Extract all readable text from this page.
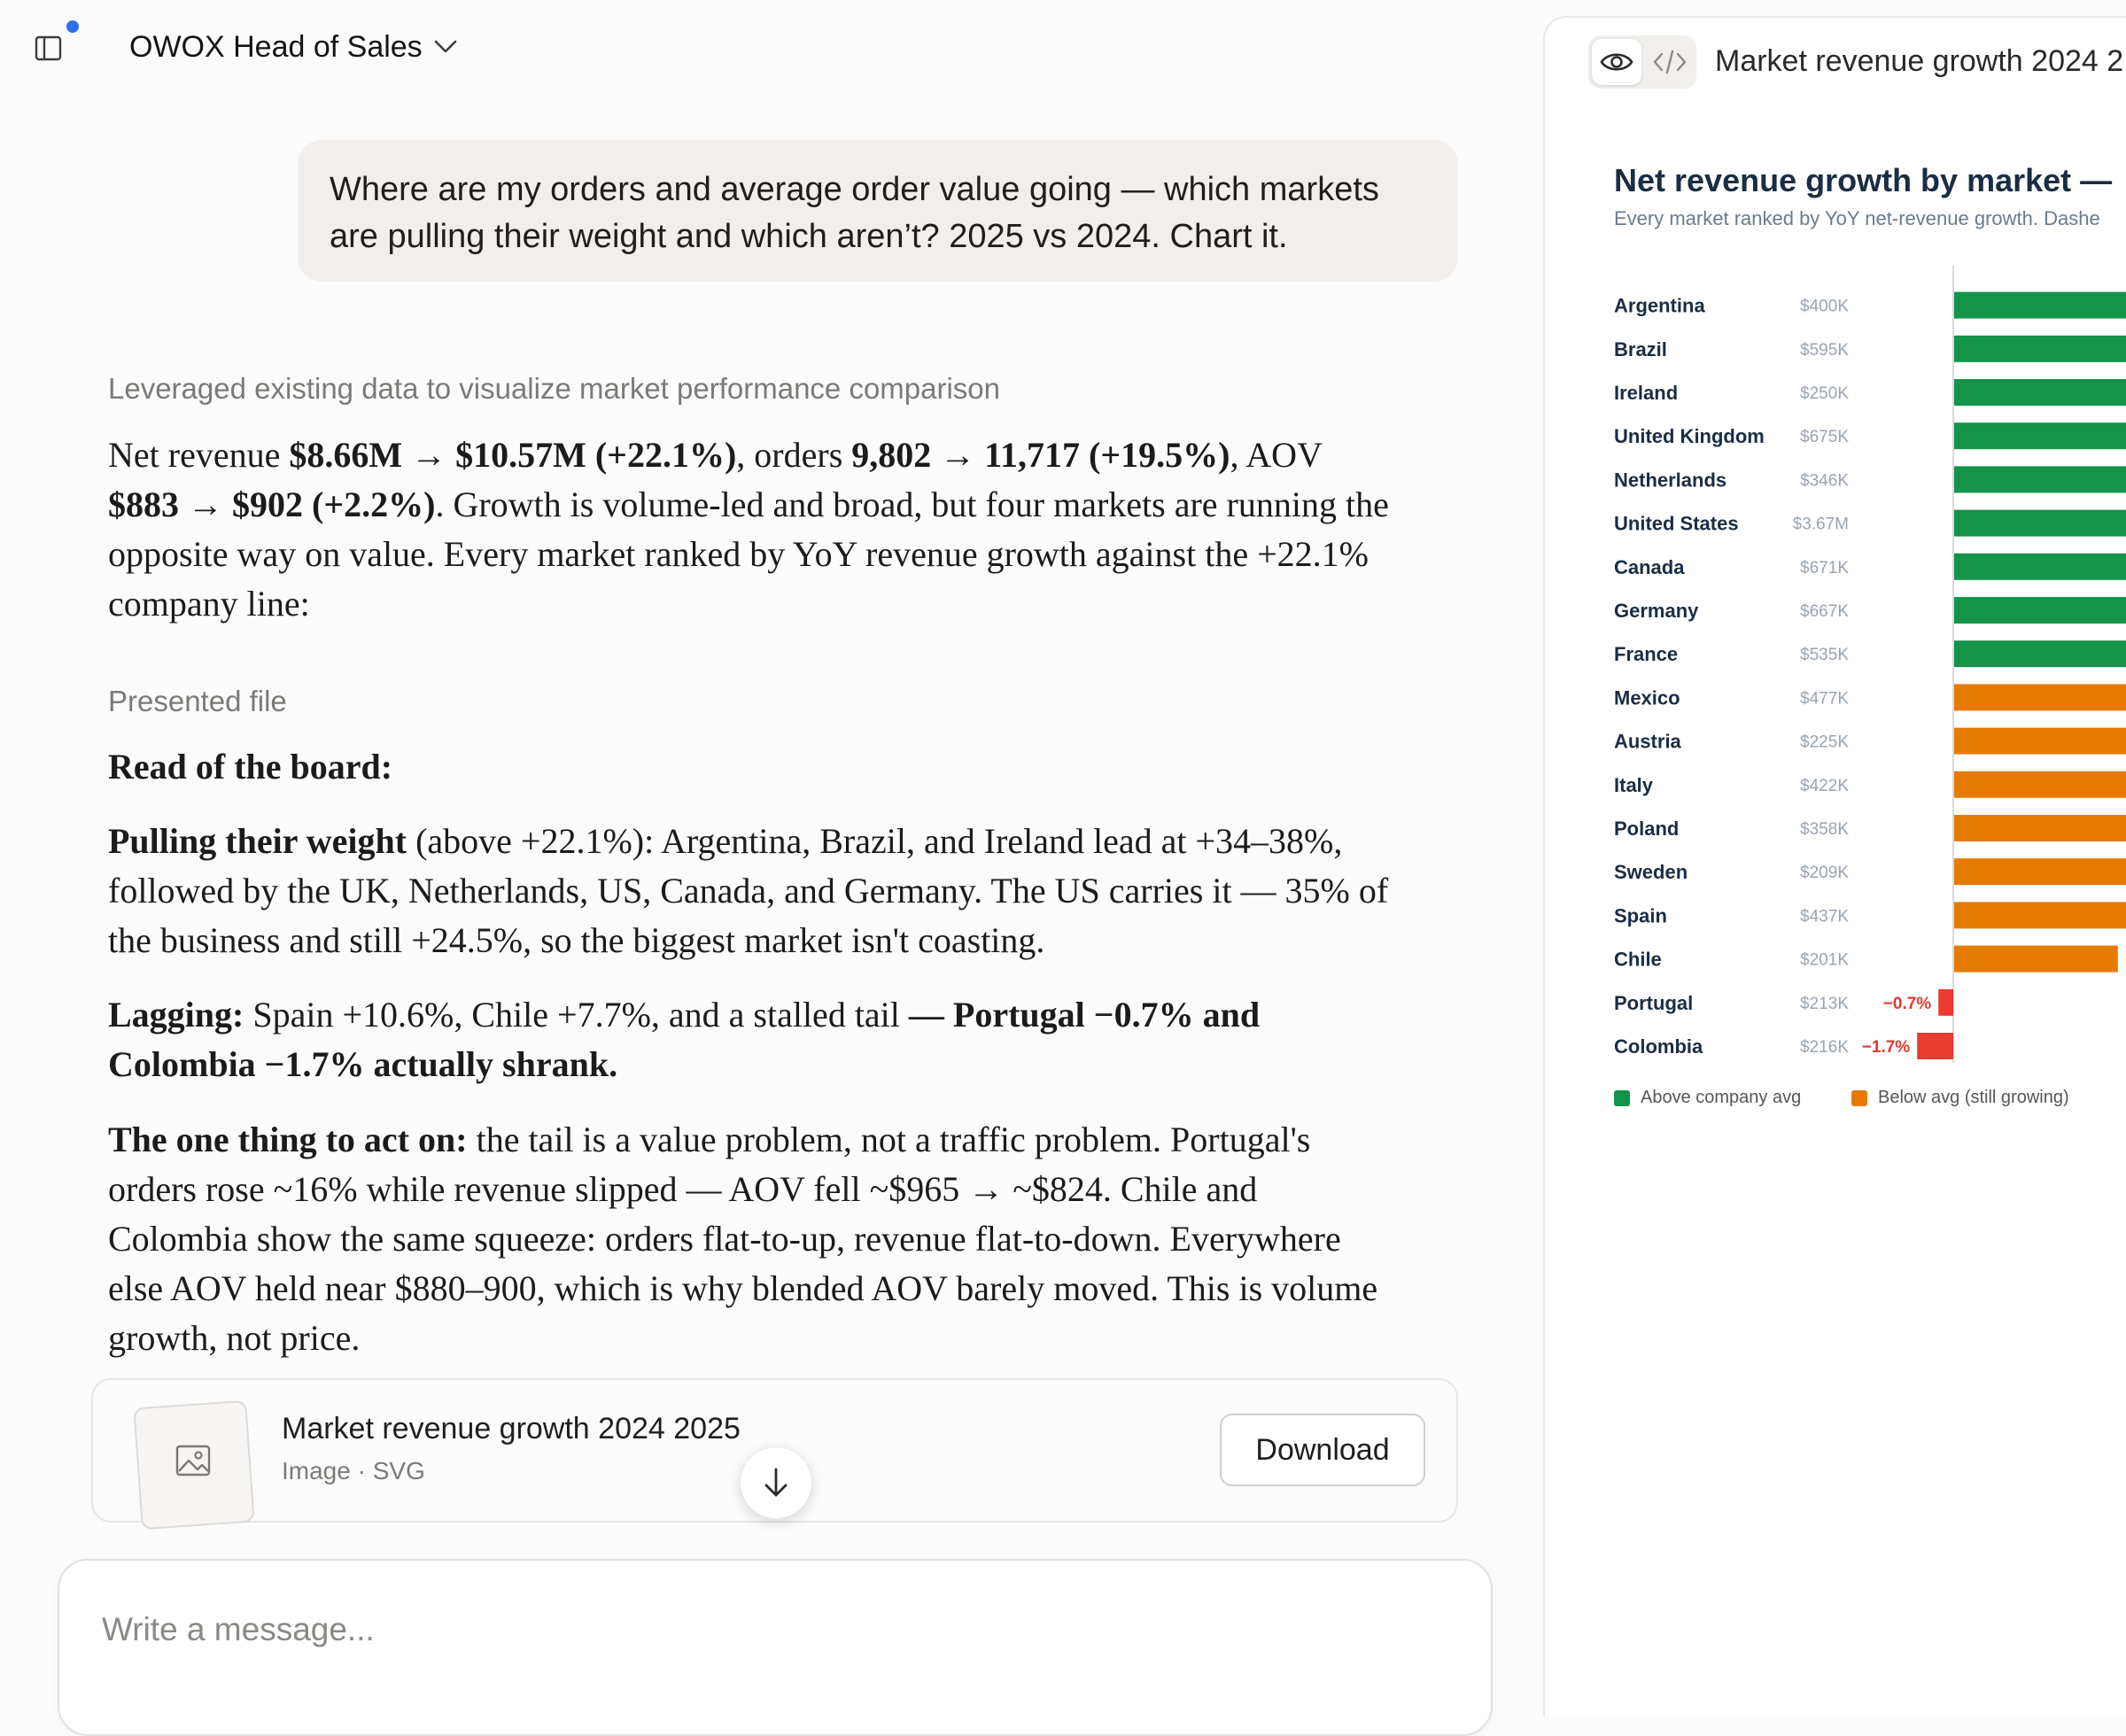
OWOX Head of Sales
Where are my orders and average order value going — which markets are pulling their weight and which aren’t? 2025 vs 2024. Chart it.
Leveraged existing data to visualize market performance comparison
Net revenue $8.66M → $10.57M (+22.1%), orders 9,802 → 11,717 (+19.5%), AOV $883 → $902 (+2.2%). Growth is volume-led and broad, but four markets are running the opposite way on value. Every market ranked by YoY revenue growth against the +22.1% company line:
Presented file
Read of the board:
Pulling their weight (above +22.1%): Argentina, Brazil, and Ireland lead at +34–38%, followed by the UK, Netherlands, US, Canada, and Germany. The US carries it — 35% of the business and still +24.5%, so the biggest market isn't coasting.
Lagging: Spain +10.6%, Chile +7.7%, and a stalled tail — Portugal −0.7% and Colombia −1.7% actually shrank.
The one thing to act on: the tail is a value problem, not a traffic problem. Portugal's orders rose ~16% while revenue slipped — AOV fell ~$965 → ~$824. Chile and Colombia show the same squeeze: orders flat-to-up, revenue flat-to-down. Everywhere else AOV held near $880–900, which is why blended AOV barely moved. This is volume growth, not price.
Market revenue growth 2024 2025
Image · SVG
Download
Write a message...
Market revenue growth 2024 2
Net revenue growth by market —
Every market ranked by YoY net-revenue growth. Dashe
Argentina	$400K
Brazil	$595K
Ireland	$250K
United Kingdom $675K
Netherlands	$346K
United States	$3.67M
Canada	$671K
Germany	$667K
France	$535K
Mexico	$477K
Austria	$225K
Italy	$422K
Poland	$358K
Sweden	$209K
Spain	$437K
Chile	$201K
Portugal	$213K −0.7%
Colombia	$216K −1.7%
Above company avg	Below avg (still growing)
